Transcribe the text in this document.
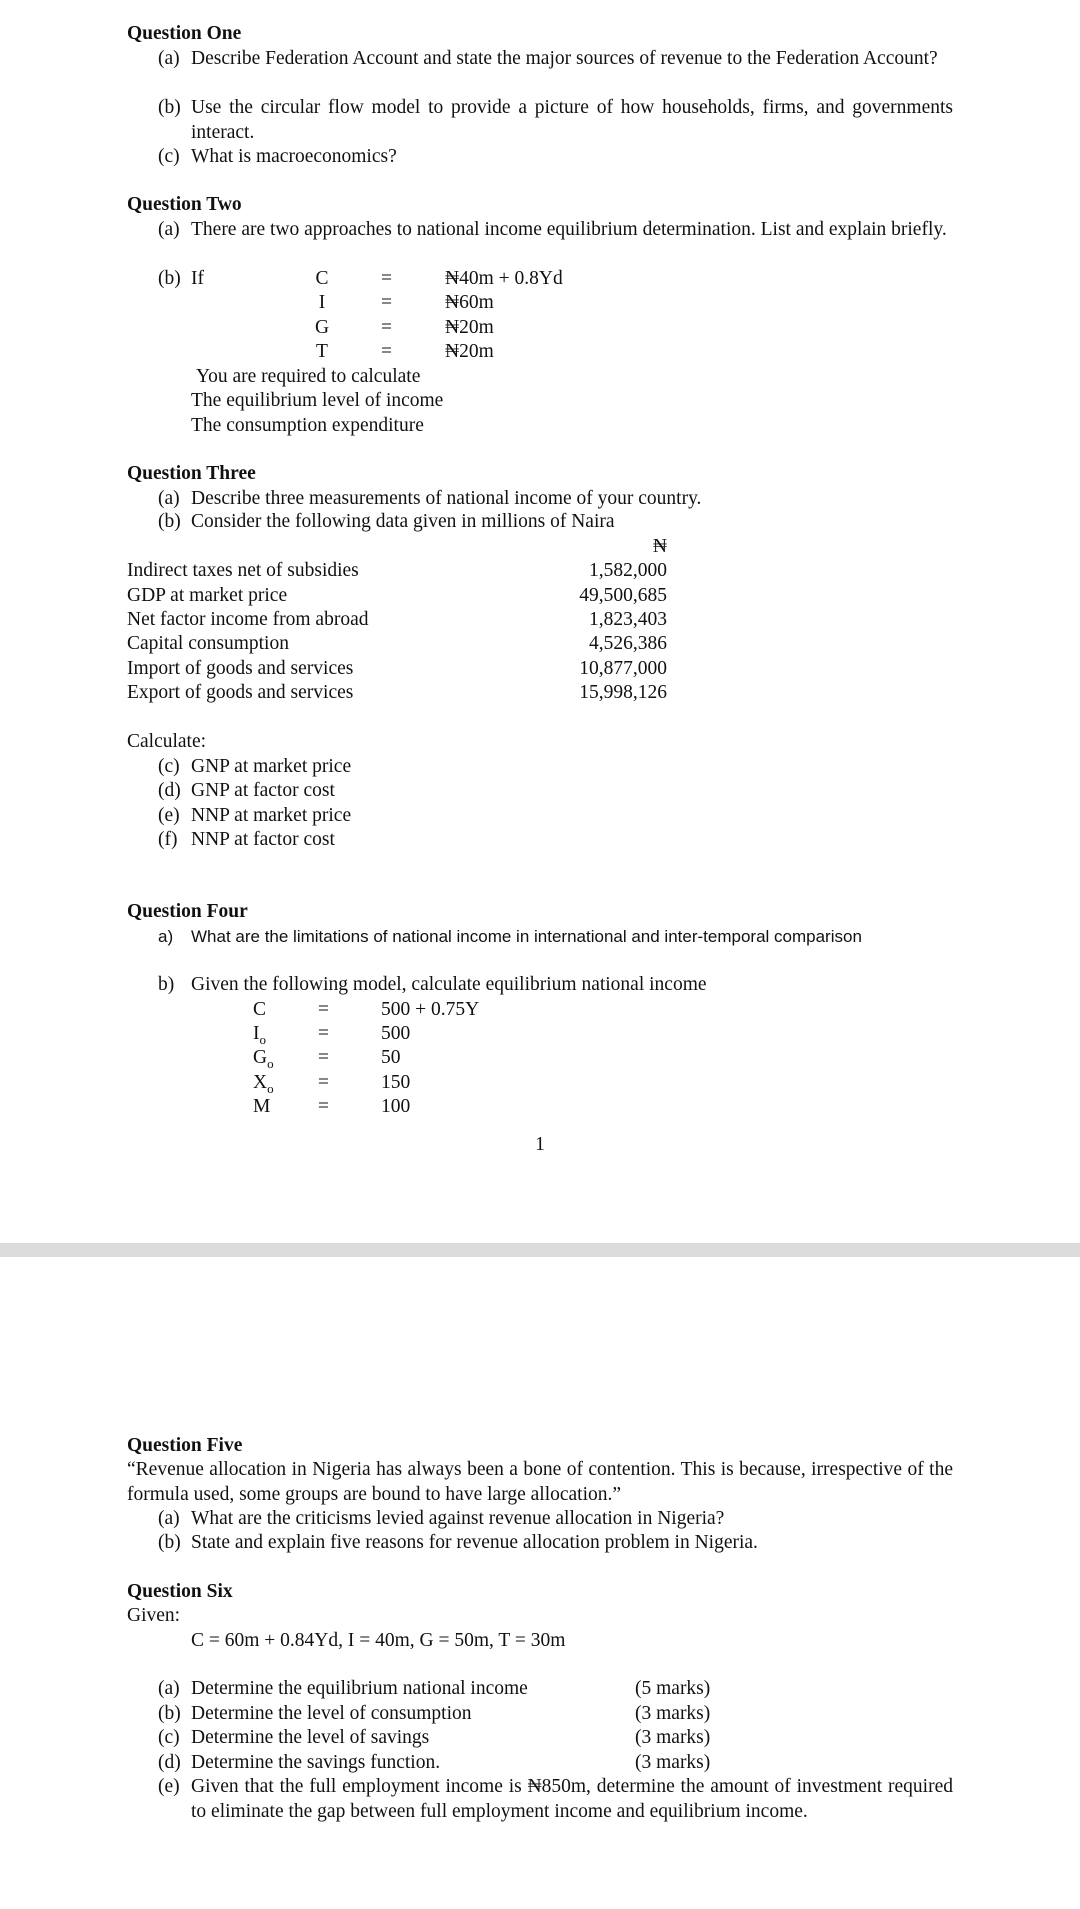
Question One
(a) Describe Federation Account and state the major sources of revenue to the Federation Account?
(b) Use the circular flow model to provide a picture of how households, firms, and governments interact.
(c) What is macroeconomics?
Question Two
(a) There are two approaches to national income equilibrium determination. List and explain briefly.
(b) If	C	=	₦40m + 0.8Yd
I	=	₦60m
G	=	₦20m
T	=	₦20m
You are required to calculate
The equilibrium level of income
The consumption expenditure
Question Three
(a) Describe three measurements of national income of your country.
(b) Consider the following data given in millions of Naira
₦
Indirect taxes net of subsidies	1,582,000
GDP at market price	49,500,685
Net factor income from abroad	1,823,403
Capital consumption	4,526,386
Import of goods and services	10,877,000
Export of goods and services	15,998,126
Calculate:
(c) GNP at market price
(d) GNP at factor cost
(e) NNP at market price
(f) NNP at factor cost
Question Four
a) What are the limitations of national income in international and inter-temporal comparison
b) Given the following model, calculate equilibrium national income
C	=	500 + 0.75Y
$I_o$	=	500
$G_o$ =	50
$X_o$ =	150
M =	100
1
Question Five
“Revenue allocation in Nigeria has always been a bone of contention. This is because, irrespective of the formula used, some groups are bound to have large allocation.”
(a) What are the criticisms levied against revenue allocation in Nigeria?
(b) State and explain five reasons for revenue allocation problem in Nigeria.
Question Six
Given:
C = 60m + 0.84Yd, I = 40m, G = 50m, T = 30m
(a) Determine the equilibrium national income	(5 marks)
(b) Determine the level of consumption	(3 marks)
(c) Determine the level of savings	(3 marks)
(d) Determine the savings function.	(3 marks)
(e) Given that the full employment income is ₦850m, determine the amount of investment required to eliminate the gap between full employment income and equilibrium income.
